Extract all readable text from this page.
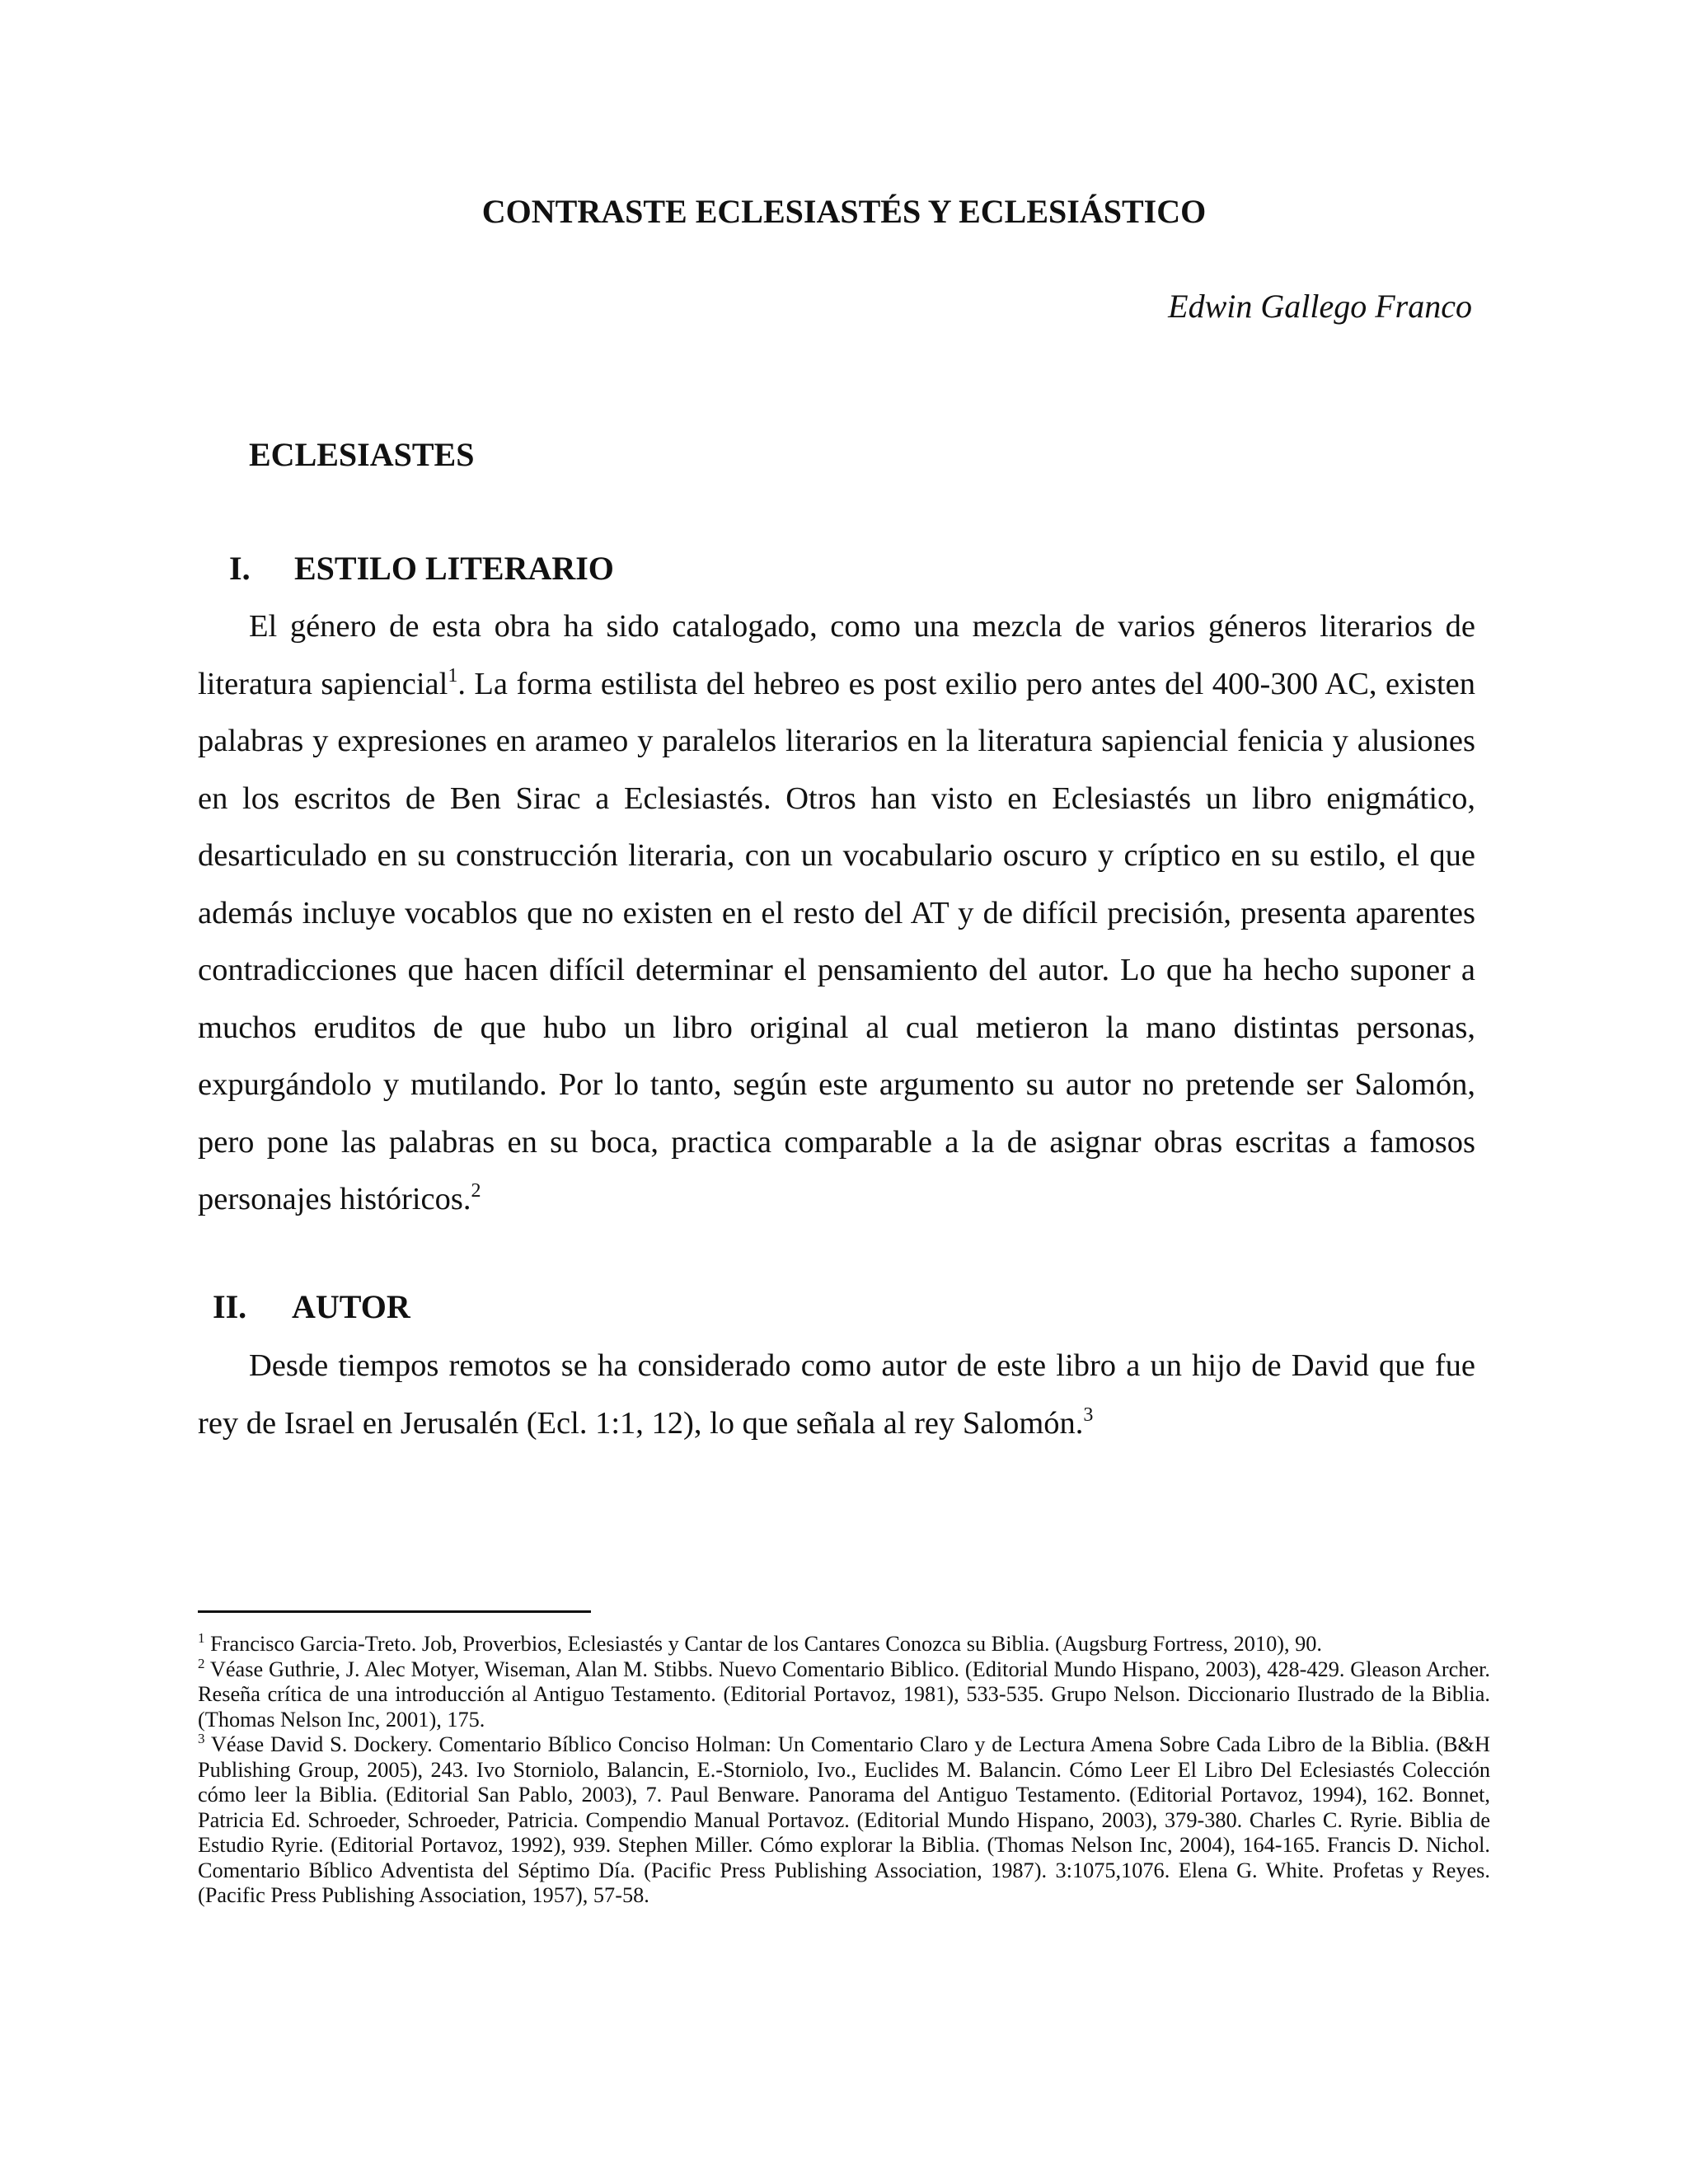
CONTRASTE ECLESIASTÉS Y ECLESIÁSTICO

Edwin Gallego Franco

ECLESIASTES
I. ESTILO LITERARIO

El género de esta obra ha sido catalogado, como una mezcla de varios géneros literarios de literatura sapiencial$^1$. La forma estilista del hebreo es post exilio pero antes del 400-300 AC, existen palabras y expresiones en arameo y paralelos literarios en la literatura sapiencial fenicia y alusiones en los escritos de Ben Sirac a Eclesiastés. Otros han visto en Eclesiastés un libro enigmático, desarticulado en su construcción literaria, con un vocabulario oscuro y críptico en su estilo, el que además incluye vocablos que no existen en el resto del AT y de difícil precisión, presenta aparentes contradicciones que hacen difícil determinar el pensamiento del autor. Lo que ha hecho suponer a muchos eruditos de que hubo un libro original al cual metieron la mano distintas personas, expurgándolo y mutilando. Por lo tanto, según este argumento su autor no pretende ser Salomón, pero pone las palabras en su boca, practica comparable a la de asignar obras escritas a famosos personajes históricos.$^2$

II. AUTOR

Desde tiempos remotos se ha considerado como autor de este libro a un hijo de David que fue rey de Israel en Jerusalén (Ecl. 1:1, 12), lo que señala al rey Salomón.$^3$

$^1$ Francisco Garcia-Treto. Job, Proverbios, Eclesiastés y Cantar de los Cantares Conozca su Biblia. (Augsburg Fortress, 2010), 90.

$^2$ Véase Guthrie, J. Alec Motyer, Wiseman, Alan M. Stibbs. Nuevo Comentario Biblico. (Editorial Mundo Hispano, 2003), 428-429. Gleason Archer. Reseña crítica de una introducción al Antiguo Testamento. (Editorial Portavoz, 1981), 533-535. Grupo Nelson. Diccionario Ilustrado de la Biblia. (Thomas Nelson Inc, 2001), 175.

$^3$ Véase David S. Dockery. Comentario Bíblico Conciso Holman: Un Comentario Claro y de Lectura Amena Sobre Cada Libro de la Biblia. (B&H Publishing Group, 2005), 243. Ivo Storniolo, Balancin, E.-Storniolo, Ivo., Euclides M. Balancin. Cómo Leer El Libro Del Eclesiastés Colección cómo leer la Biblia. (Editorial San Pablo, 2003), 7. Paul Benware. Panorama del Antiguo Testamento. (Editorial Portavoz, 1994), 162. Bonnet, Patricia Ed. Schroeder, Schroeder, Patricia. Compendio Manual Portavoz. (Editorial Mundo Hispano, 2003), 379-380. Charles C. Ryrie. Biblia de Estudio Ryrie. (Editorial Portavoz, 1992), 939. Stephen Miller. Cómo explorar la Biblia. (Thomas Nelson Inc, 2004), 164-165. Francis D. Nichol. Comentario Bíblico Adventista del Séptimo Día. (Pacific Press Publishing Association, 1987). 3:1075,1076. Elena G. White. Profetas y Reyes. (Pacific Press Publishing Association, 1957), 57-58.
